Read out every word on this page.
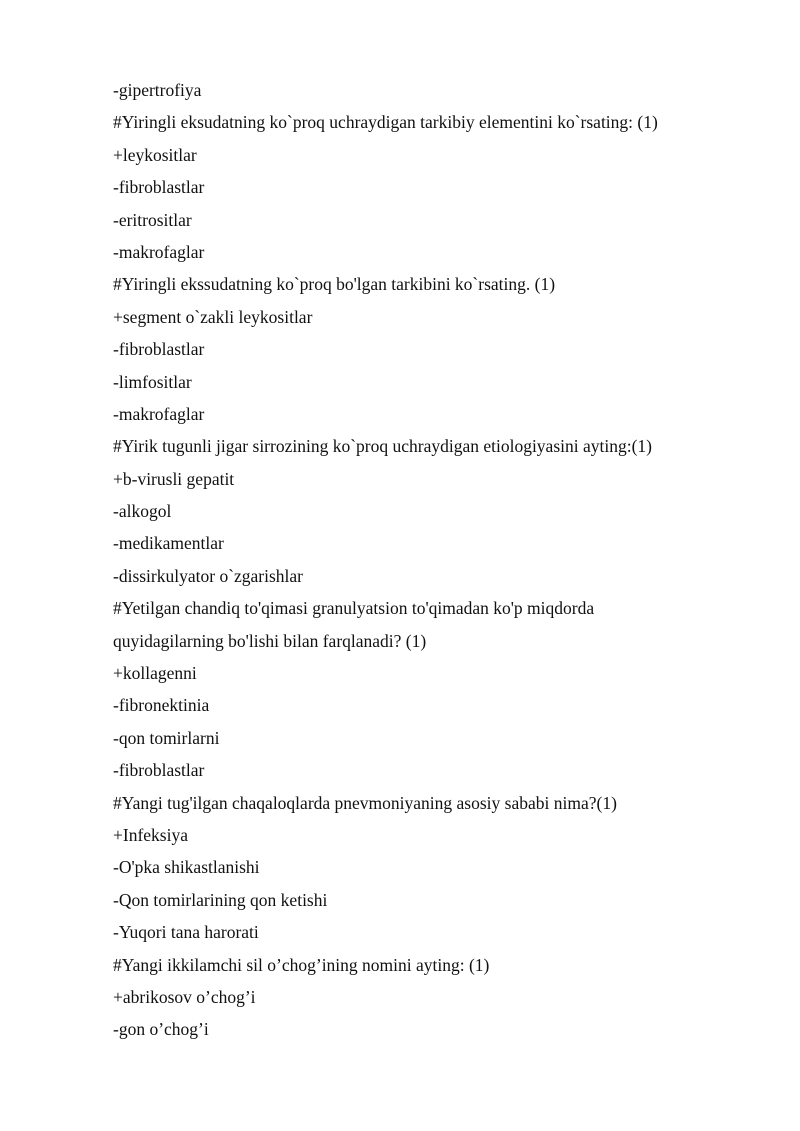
-gipertrofiya
#Yiringli eksudatning ko`proq uchraydigan tarkibiy elementini ko`rsating: (1)
+leykositlar
-fibroblastlar
-eritrositlar
-makrofaglar
#Yiringli ekssudatning ko`proq bo'lgan tarkibini ko`rsating. (1)
+segment o`zakli leykositlar
-fibroblastlar
-limfositlar
-makrofaglar
#Yirik tugunli jigar sirrozining ko`proq uchraydigan etiologiyasini ayting:(1)
+b-virusli gepatit
-alkogol
-medikamentlar
-dissirkulyator o`zgarishlar
#Yetilgan chandiq to'qimasi granulyatsion to'qimadan ko'p miqdorda
quyidagilarning bo'lishi bilan farqlanadi? (1)
+kollagenni
-fibronektinia
-qon tomirlarni
-fibroblastlar
#Yangi tug'ilgan chaqaloqlarda pnevmoniyaning asosiy sababi nima?(1)
+Infeksiya
-O'pka shikastlanishi
-Qon tomirlarining qon ketishi
-Yuqori tana harorati
#Yangi ikkilamchi sil o’chog’ining nomini ayting: (1)
+abrikosov o’chog’i
-gon o’chog’i
